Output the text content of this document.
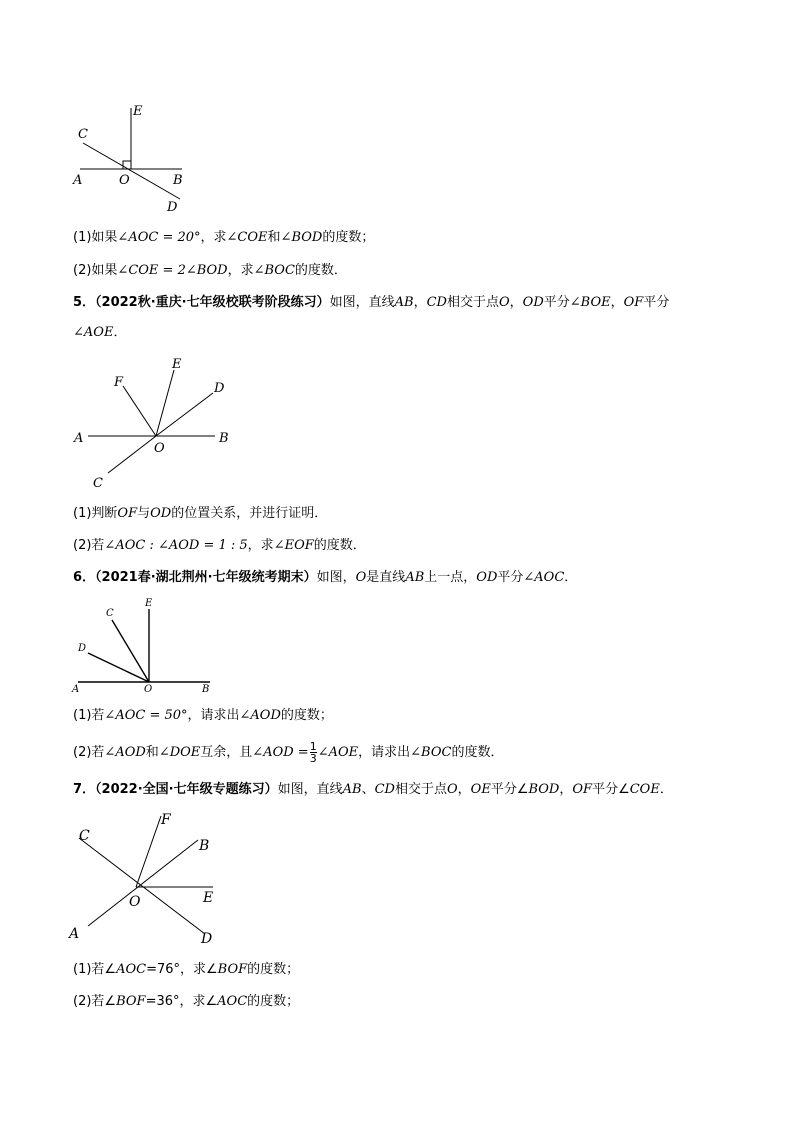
E
C
A	O	B
D
(1)如果∠AOC = 20°，求∠COE和∠BOD的度数；
(2)如果∠COE = 2∠BOD，求∠BOC的度数．
5．（2022秋·重庆·七年级校联考阶段练习）如图，直线AB，CD相交于点O，OD平分∠BOE，OF平分
∠AOE．
F
E
D
A	B
O
C
(1)判断OF与OD的位置关系，并进行证明．
(2)若∠AOC : ∠AOD = 1 : 5，求∠EOF的度数．
6．（2021春·湖北荆州·七年级统考期末）如图，O是直线AB上一点，OD平分∠AOC．
C
E
D
A	O	B
(1)若∠AOC = 50°，请求出∠AOD的度数；
(2)若∠AOD和∠DOE互余，且∠AOD = $\frac{1}{3}$ ∠AOE，请求出∠BOC的度数．
7．（2022·全国·七年级专题练习）如图，直线AB、CD相交于点O，OE平分∠BOD，OF平分∠COE．
F
C
B
O	E
A	D
(1)若∠AOC=76°，求∠BOF的度数；
(2)若∠BOF=36°，求∠AOC的度数；
